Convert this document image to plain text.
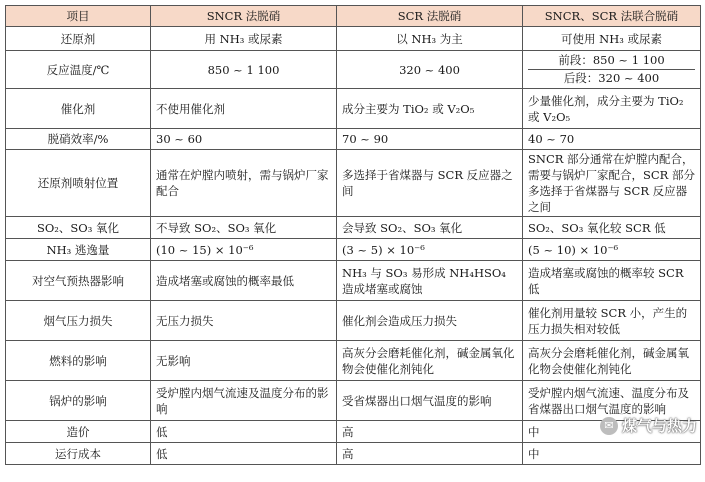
项目	SNCR 法脱硝	SCR 法脱硝	SNCR、SCR 法联合脱硝
还原剂	用 NH₃ 或尿素	以 NH₃ 为主	可使用 NH₃ 或尿素
反应温度/℃	850 ~ 1 100	320 ~ 400	前段：850 ~ 1 100
后段：320 ~ 400

催化剂	不使用催化剂	成分主要为 TiO₂ 或 V₂O₅	少量催化剂，成分主要为 TiO₂ 或 V₂O₅
脱硝效率/%	30 ~ 60	70 ~ 90	40 ~ 70
还原剂喷射位置	通常在炉膛内喷射，需与锅炉厂家配合	多选择于省煤器与 SCR 反应器之间	SNCR 部分通常在炉膛内配合，需要与锅炉厂家配合，SCR 部分多选择于省煤器与 SCR 反应器之间
SO₂、SO₃ 氧化	不导致 SO₂、SO₃ 氧化	会导致 SO₂、SO₃ 氧化	SO₂、SO₃ 氧化较 SCR 低
NH₃ 逃逸量	(10 ~ 15) × 10⁻⁶	(3 ~ 5) × 10⁻⁶	(5 ~ 10) × 10⁻⁶
对空气预热器影响	造成堵塞或腐蚀的概率最低	NH₃ 与 SO₃ 易形成 NH₄HSO₄ 造成堵塞或腐蚀	造成堵塞或腐蚀的概率较 SCR 低
烟气压力损失	无压力损失	催化剂会造成压力损失	催化剂用量较 SCR 小，产生的压力损失相对较低
燃料的影响	无影响	高灰分会磨耗催化剂，碱金属氧化物会使催化剂钝化	高灰分会磨耗催化剂，碱金属氧化物会使催化剂钝化
锅炉的影响	受炉膛内烟气流速及温度分布的影响	受省煤器出口烟气温度的影响	受炉膛内烟气流速、温度分布及省煤器出口烟气温度的影响
造价	低	高	中
运行成本	低	高	中
✉ 煤气与热力
